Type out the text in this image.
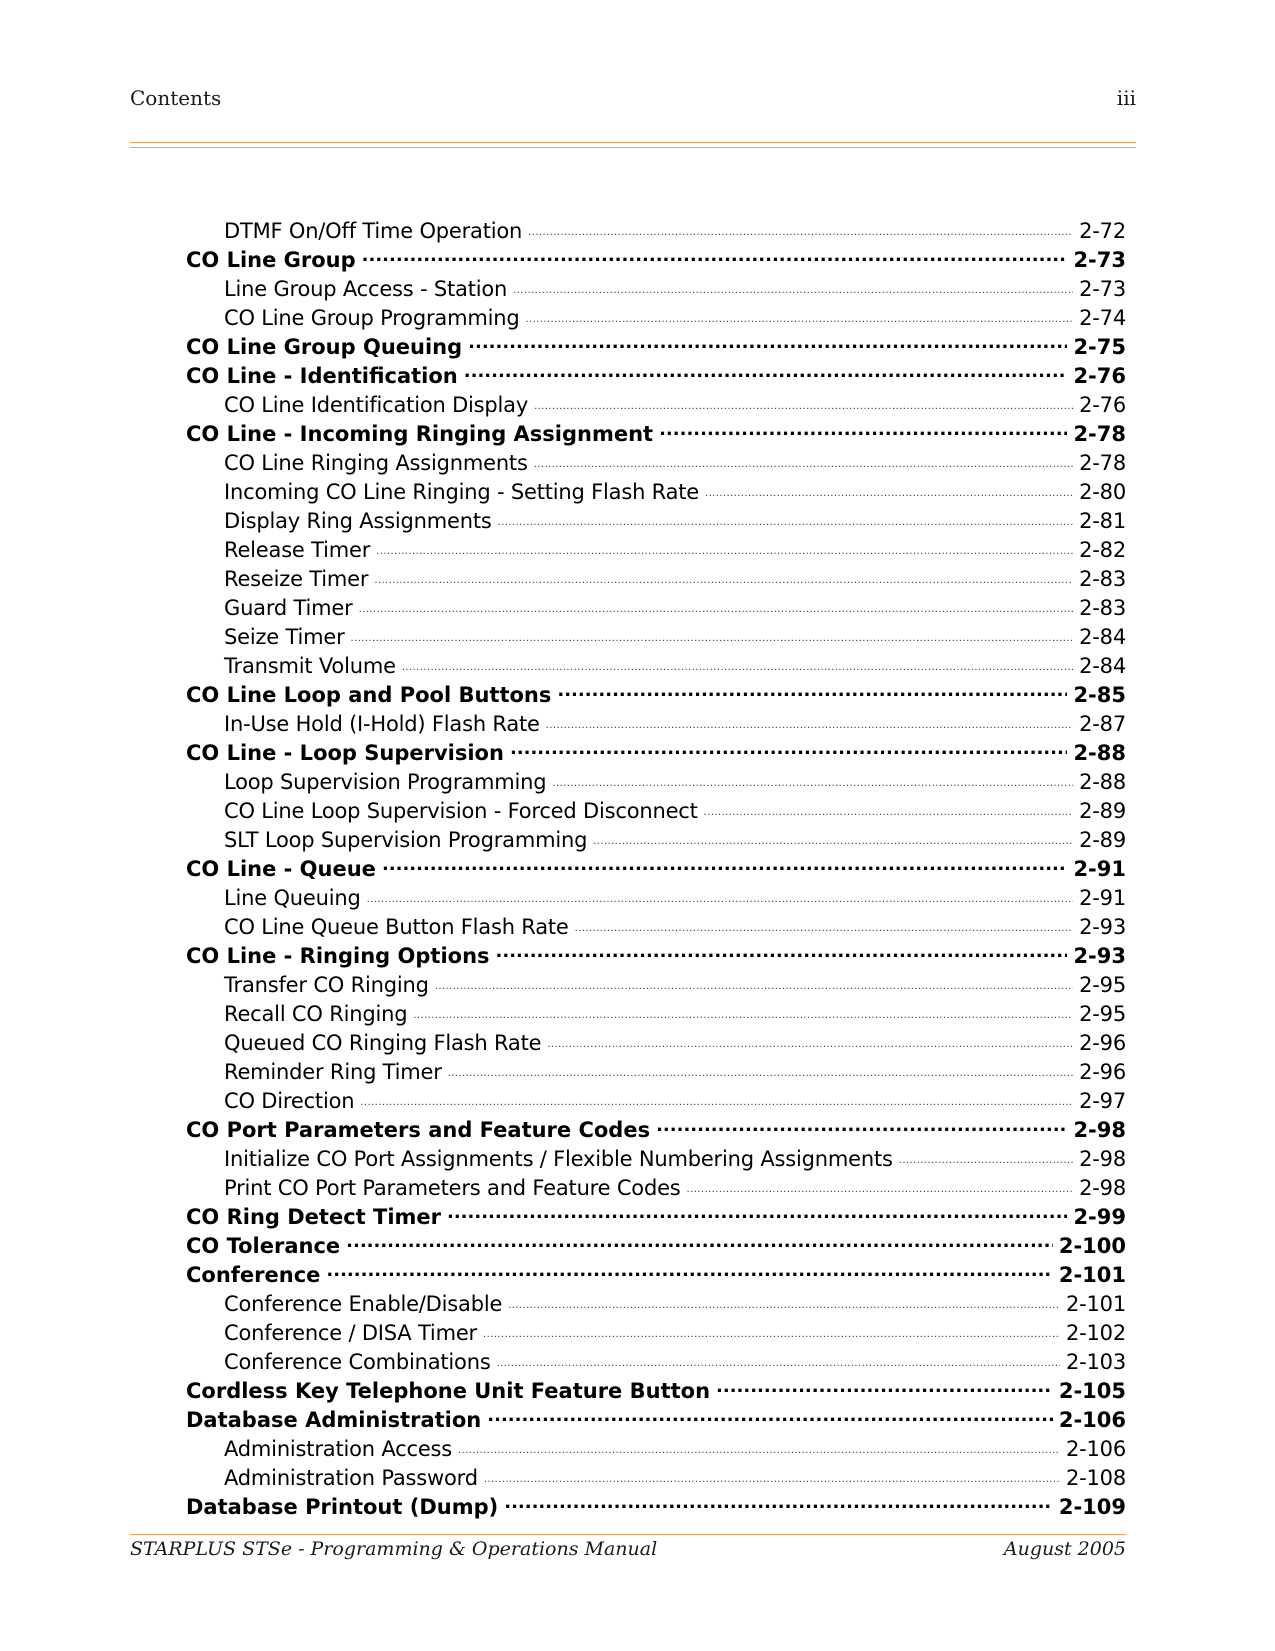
Contents	iii
DTMF On/Off Time Operation .....	2-72
CO Line Group .....	2-73
Line Group Access - Station .....	2-73
CO Line Group Programming .....	2-74
CO Line Group Queuing .....	2-75
CO Line - Identification .....	2-76
CO Line Identification Display .....	2-76
CO Line - Incoming Ringing Assignment .....	2-78
CO Line Ringing Assignments .....	2-78
Incoming CO Line Ringing - Setting Flash Rate .....	2-80
Display Ring Assignments .....	2-81
Release Timer .....	2-82
Reseize Timer .....	2-83
Guard Timer .....	2-83
Seize Timer .....	2-84
Transmit Volume .....	2-84
CO Line Loop and Pool Buttons .....	2-85
In-Use Hold (I-Hold) Flash Rate .....	2-87
CO Line - Loop Supervision .....	2-88
Loop Supervision Programming .....	2-88
CO Line Loop Supervision - Forced Disconnect .....	2-89
SLT Loop Supervision Programming .....	2-89
CO Line - Queue .....	2-91
Line Queuing .....	2-91
CO Line Queue Button Flash Rate .....	2-93
CO Line - Ringing Options .....	2-93
Transfer CO Ringing .....	2-95
Recall CO Ringing .....	2-95
Queued CO Ringing Flash Rate .....	2-96
Reminder Ring Timer .....	2-96
CO Direction .....	2-97
CO Port Parameters and Feature Codes .....	2-98
Initialize CO Port Assignments / Flexible Numbering Assignments .....	2-98
Print CO Port Parameters and Feature Codes .....	2-98
CO Ring Detect Timer .....	2-99
CO Tolerance .....	2-100
Conference .....	2-101
Conference Enable/Disable .....	2-101
Conference / DISA Timer .....	2-102
Conference Combinations .....	2-103
Cordless Key Telephone Unit Feature Button .....	2-105
Database Administration .....	2-106
Administration Access .....	2-106
Administration Password .....	2-108
Database Printout (Dump) .....	2-109
STARPLUS STSe - Programming & Operations Manual	August 2005
